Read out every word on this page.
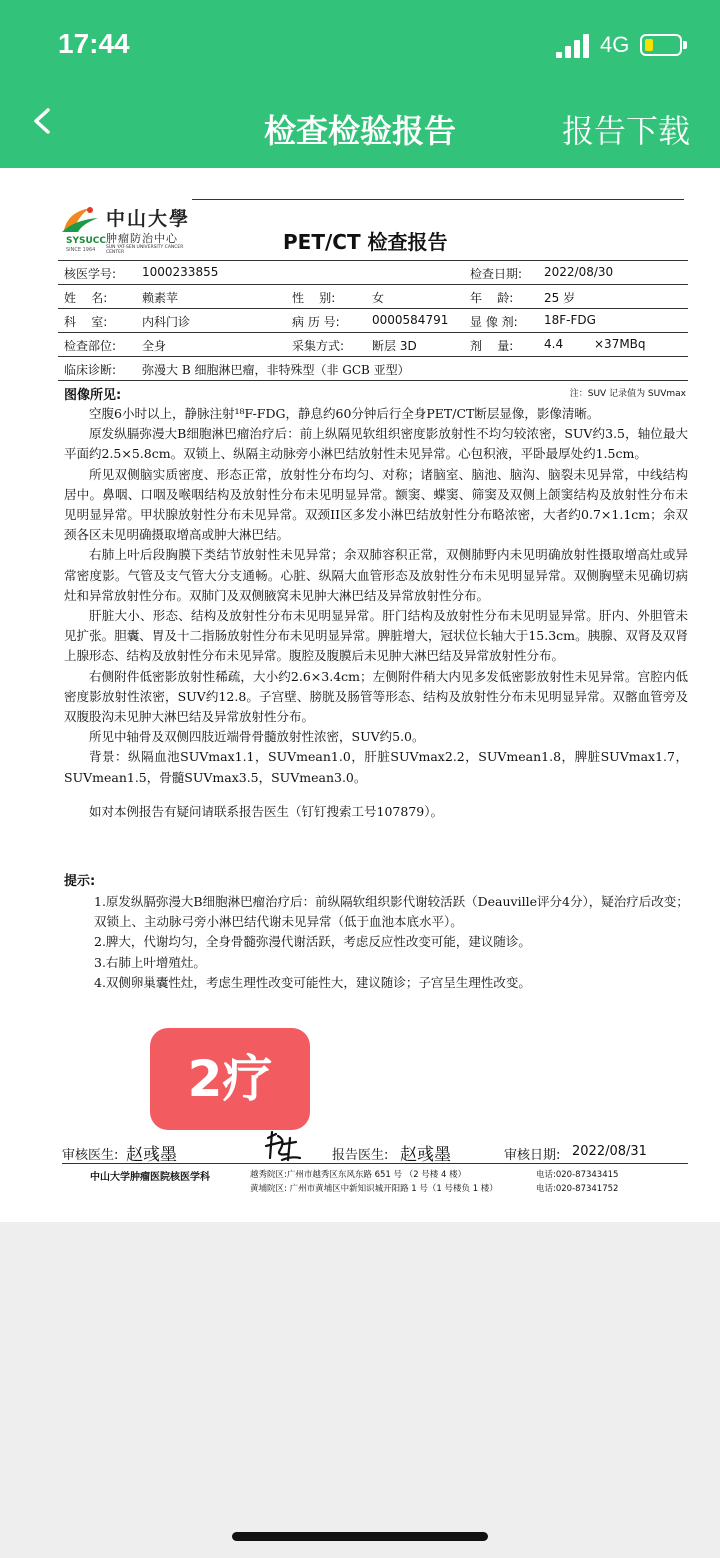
17:44	4G
检查检验报告	报告下载
SYSUCC
SINCE 1964
中山大學
肿瘤防治中心
SUN YAT-SEN UNIVERSITY CANCER CENTER	PET/CT 检查报告
核医学号: 1000233855	检查日期: 2022/08/30
姓    名:	赖素苹	性    别:	女	年    龄:	25 岁
科    室:	内科门诊	病 历 号:	0000584791 显 像 剂: 18F-FDG
检查部位: 全身	采集方式: 断层 3D	剂    量:	4.4	×37MBq
临床诊断: 弥漫大 B 细胞淋巴瘤，非特殊型（非 GCB 亚型）
图像所见:	注：SUV 记录值为 SUVmax

空腹6小时以上，静脉注射¹⁸F-FDG，静息约60分钟后行全身PET/CT断层显像，影像清晰。

原发纵膈弥漫大B细胞淋巴瘤治疗后：前上纵隔见软组织密度影放射性不均匀较浓密，SUV约3.5，轴位最大平面约2.5×5.8cm。双锁上、纵隔主动脉旁小淋巴结放射性未见异常。心包积液，平卧最厚处约1.5cm。

所见双侧脑实质密度、形态正常，放射性分布均匀、对称；诸脑室、脑池、脑沟、脑裂未见异常，中线结构居中。鼻咽、口咽及喉咽结构及放射性分布未见明显异常。额窦、蝶窦、筛窦及双侧上颌窦结构及放射性分布未见明显异常。甲状腺放射性分布未见异常。双颈II区多发小淋巴结放射性分布略浓密，大者约0.7×1.1cm；余双颈各区未见明确摄取增高或肿大淋巴结。

右肺上叶后段胸膜下类结节放射性未见异常；余双肺容积正常，双侧肺野内未见明确放射性摄取增高灶或异常密度影。气管及支气管大分支通畅。心脏、纵隔大血管形态及放射性分布未见明显异常。双侧胸壁未见确切病灶和异常放射性分布。双肺门及双侧腋窝未见肿大淋巴结及异常放射性分布。

肝脏大小、形态、结构及放射性分布未见明显异常。肝门结构及放射性分布未见明显异常。肝内、外胆管未见扩张。胆囊、胃及十二指肠放射性分布未见明显异常。脾脏增大，冠状位长轴大于15.3cm。胰腺、双肾及双肾上腺形态、结构及放射性分布未见异常。腹腔及腹膜后未见肿大淋巴结及异常放射性分布。

右侧附件低密影放射性稀疏，大小约2.6×3.4cm；左侧附件稍大内见多发低密影放射性未见异常。宫腔内低密度影放射性浓密，SUV约12.8。子宫壁、膀胱及肠管等形态、结构及放射性分布未见明显异常。双髂血管旁及双腹股沟未见肿大淋巴结及异常放射性分布。

所见中轴骨及双侧四肢近端骨骨髓放射性浓密，SUV约5.0。

背景：纵隔血池SUVmax1.1，SUVmean1.0，肝脏SUVmax2.2，SUVmean1.8，脾脏SUVmax1.7，SUVmean1.5，骨髓SUVmax3.5，SUVmean3.0。

如对本例报告有疑问请联系报告医生（钉钉搜索工号107879）。

提示:

1.原发纵膈弥漫大B细胞淋巴瘤治疗后：前纵隔软组织影代谢较活跃（Deauville评分4分），疑治疗后改变；双锁上、主动脉弓旁小淋巴结代谢未见异常（低于血池本底水平）。

2.脾大，代谢均匀，全身骨髓弥漫代谢活跃，考虑反应性改变可能，建议随诊。

3.右肺上叶增殖灶。

4.双侧卵巢囊性灶，考虑生理性改变可能性大，建议随诊；子宫呈生理性改变。

2疗
审核医生: 赵彧墨	报告医生: 赵彧墨	审核日期: 2022/08/31
中山大学肿瘤医院核医学科	越秀院区:广州市越秀区东风东路 651 号 （2 号楼 4 楼）
黄埔院区: 广州市黄埔区中新知识城开阳路 1 号（1 号楼负 1 楼）
电话:020-87343415
电话:020-87341752
